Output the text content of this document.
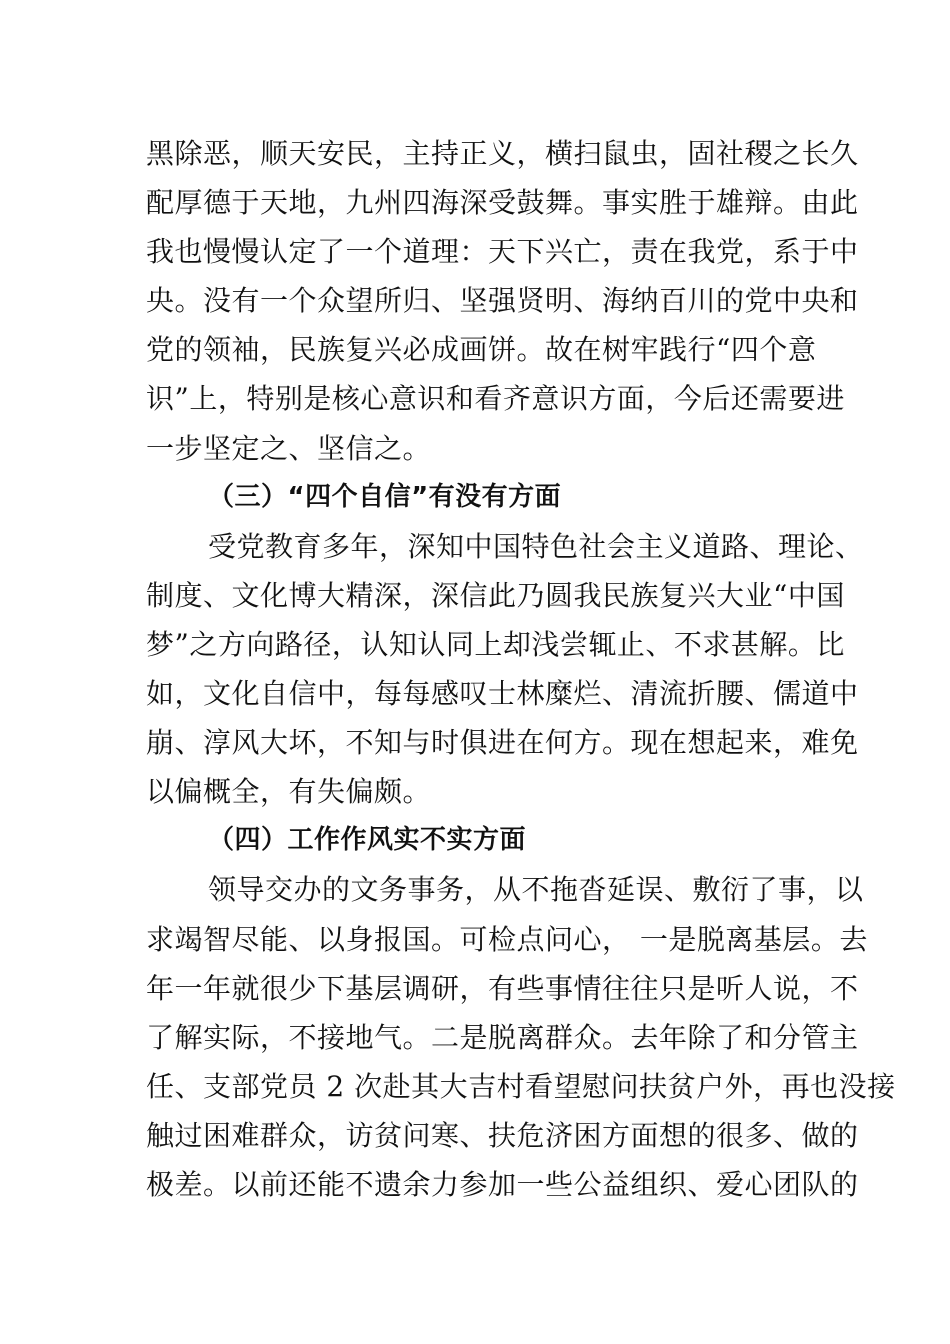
黑除恶，顺天安民，主持正义，横扫鼠虫，固社稷之长久
配厚德于天地，九州四海深受鼓舞。事实胜于雄辩。由此
我也慢慢认定了一个道理：天下兴亡，责在我党，系于中
央。没有一个众望所归、坚强贤明、海纳百川的党中央和
党的领袖，民族复兴必成画饼。故在树牢践行“四个意
识”上，特别是核心意识和看齐意识方面，今后还需要进
一步坚定之、坚信之。
（三）“四个自信”有没有方面
受党教育多年，深知中国特色社会主义道路、理论、
制度、文化博大精深，深信此乃圆我民族复兴大业“中国
梦”之方向路径，认知认同上却浅尝辄止、不求甚解。比
如，文化自信中，每每感叹士林糜烂、清流折腰、儒道中
崩、淳风大坏，不知与时俱进在何方。现在想起来，难免
以偏概全，有失偏颇。
（四）工作作风实不实方面
领导交办的文务事务，从不拖沓延误、敷衍了事，以
求竭智尽能、以身报国。可检点问心， 一是脱离基层。去
年一年就很少下基层调研，有些事情往往只是听人说，不
了解实际，不接地气。二是脱离群众。去年除了和分管主
任、支部党员 2 次赴其大吉村看望慰问扶贫户外，再也没接
触过困难群众，访贫问寒、扶危济困方面想的很多、做的
极差。以前还能不遗余力参加一些公益组织、爱心团队的
